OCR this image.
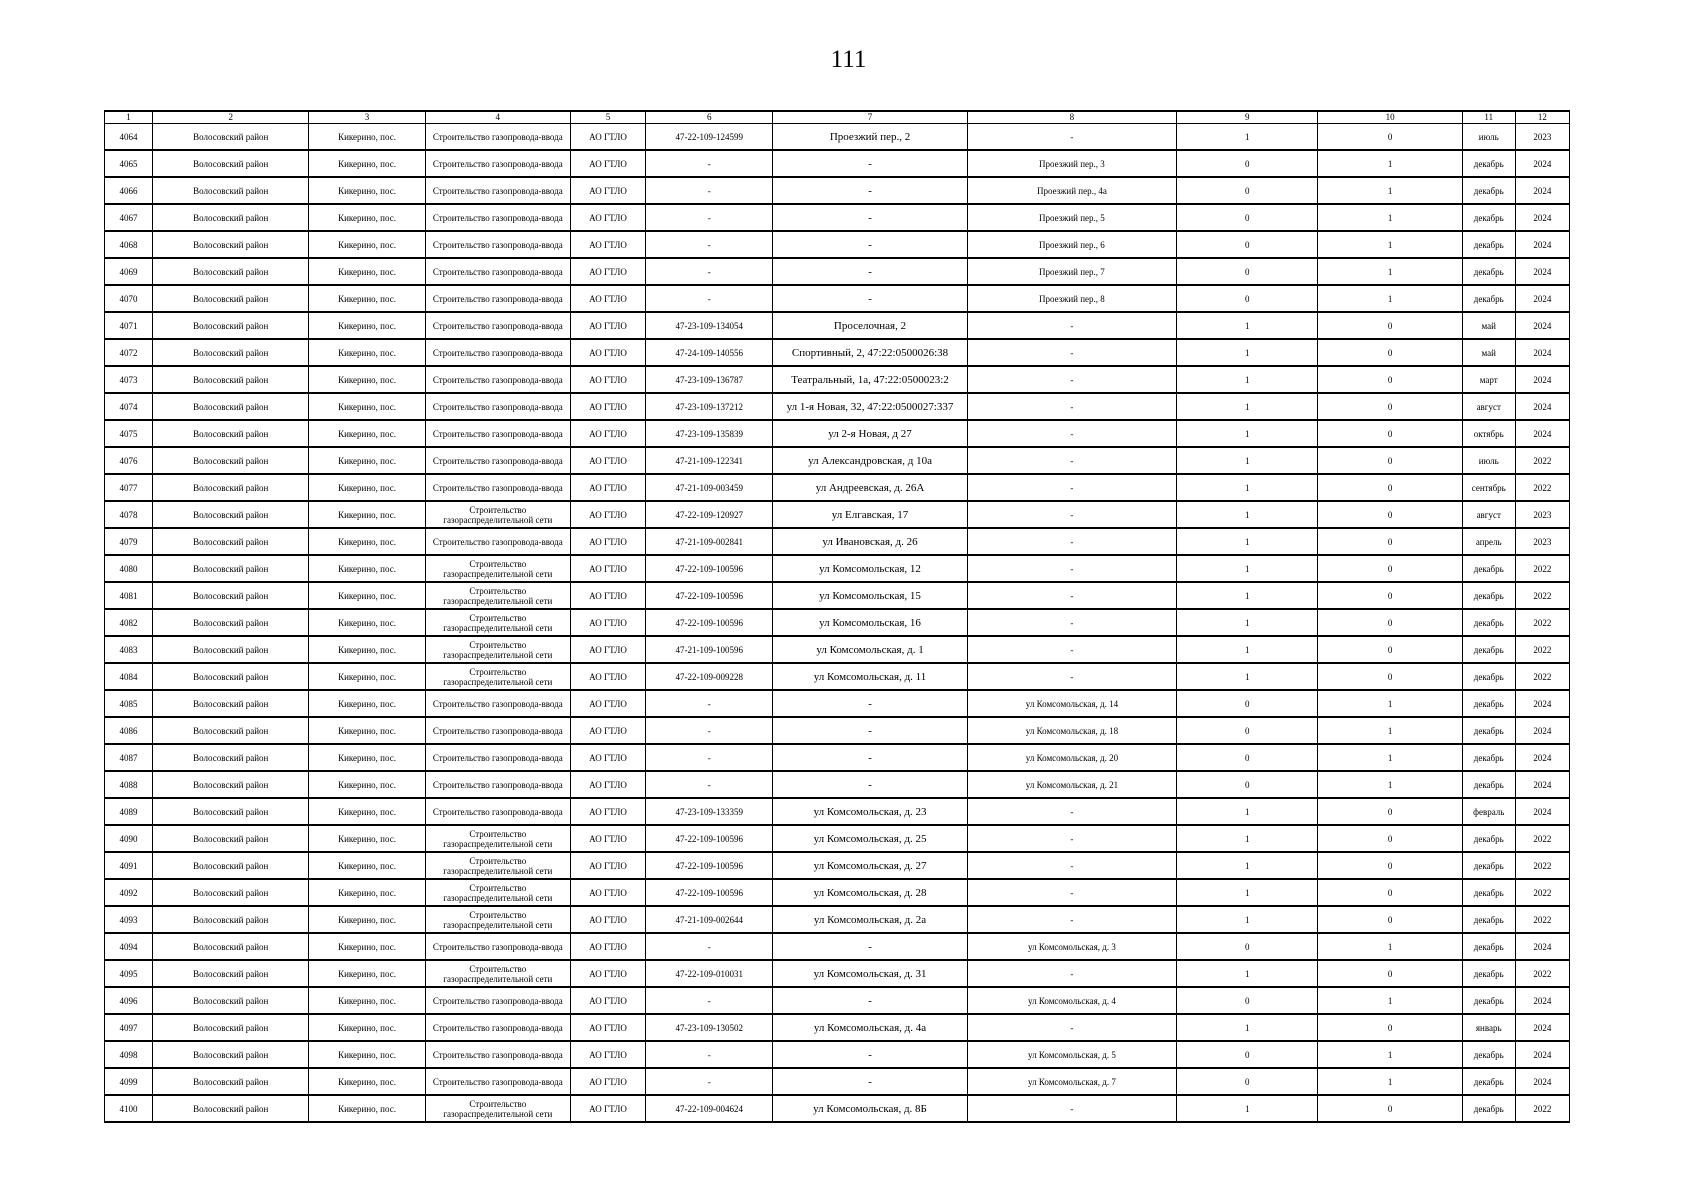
111
1	2	3	4	5	6	7	8	9	10	11	12
4064	Волосовский район	Кикерино, пос.	Строительство газопровода-ввода	АО ГТЛО	47-22-109-124599	Проезжий пер., 2	-	1	0	июль	2023
4065	Волосовский район	Кикерино, пос.	Строительство газопровода-ввода	АО ГТЛО	-	-	Проезжий пер., 3	0	1	декабрь	2024
4066	Волосовский район	Кикерино, пос.	Строительство газопровода-ввода	АО ГТЛО	-	-	Проезжий пер., 4а	0	1	декабрь	2024
4067	Волосовский район	Кикерино, пос.	Строительство газопровода-ввода	АО ГТЛО	-	-	Проезжий пер., 5	0	1	декабрь	2024
4068	Волосовский район	Кикерино, пос.	Строительство газопровода-ввода	АО ГТЛО	-	-	Проезжий пер., 6	0	1	декабрь	2024
4069	Волосовский район	Кикерино, пос.	Строительство газопровода-ввода	АО ГТЛО	-	-	Проезжий пер., 7	0	1	декабрь	2024
4070	Волосовский район	Кикерино, пос.	Строительство газопровода-ввода	АО ГТЛО	-	-	Проезжий пер., 8	0	1	декабрь	2024
4071	Волосовский район	Кикерино, пос.	Строительство газопровода-ввода	АО ГТЛО	47-23-109-134054	Проселочная, 2	-	1	0	май	2024
4072	Волосовский район	Кикерино, пос.	Строительство газопровода-ввода	АО ГТЛО	47-24-109-140556	Спортивный, 2, 47:22:0500026:38	-	1	0	май	2024
4073	Волосовский район	Кикерино, пос.	Строительство газопровода-ввода	АО ГТЛО	47-23-109-136787	Театральный, 1а, 47:22:0500023:2	-	1	0	март	2024
4074	Волосовский район	Кикерино, пос.	Строительство газопровода-ввода	АО ГТЛО	47-23-109-137212	ул 1-я Новая, 32, 47:22:0500027:337	-	1	0	август	2024
4075	Волосовский район	Кикерино, пос.	Строительство газопровода-ввода	АО ГТЛО	47-23-109-135839	ул 2-я Новая, д 27	-	1	0	октябрь	2024
4076	Волосовский район	Кикерино, пос.	Строительство газопровода-ввода	АО ГТЛО	47-21-109-122341	ул Александровская, д 10а	-	1	0	июль	2022
4077	Волосовский район	Кикерино, пос.	Строительство газопровода-ввода	АО ГТЛО	47-21-109-003459	ул Андреевская, д. 26А	-	1	0	сентябрь	2022
4078	Волосовский район	Кикерино, пос.	Строительство газораспределительной сети	АО ГТЛО	47-22-109-120927	ул Елгавская, 17	-	1	0	август	2023
4079	Волосовский район	Кикерино, пос.	Строительство газопровода-ввода	АО ГТЛО	47-21-109-002841	ул Ивановская, д. 26	-	1	0	апрель	2023
4080	Волосовский район	Кикерино, пос.	Строительство газораспределительной сети	АО ГТЛО	47-22-109-100596	ул Комсомольская, 12	-	1	0	декабрь	2022
4081	Волосовский район	Кикерино, пос.	Строительство газораспределительной сети	АО ГТЛО	47-22-109-100596	ул Комсомольская, 15	-	1	0	декабрь	2022
4082	Волосовский район	Кикерино, пос.	Строительство газораспределительной сети	АО ГТЛО	47-22-109-100596	ул Комсомольская, 16	-	1	0	декабрь	2022
4083	Волосовский район	Кикерино, пос.	Строительство газораспределительной сети	АО ГТЛО	47-21-109-100596	ул Комсомольская, д. 1	-	1	0	декабрь	2022
4084	Волосовский район	Кикерино, пос.	Строительство газораспределительной сети	АО ГТЛО	47-22-109-009228	ул Комсомольская, д. 11	-	1	0	декабрь	2022
4085	Волосовский район	Кикерино, пос.	Строительство газопровода-ввода	АО ГТЛО	-	-	ул Комсомольская, д. 14	0	1	декабрь	2024
4086	Волосовский район	Кикерино, пос.	Строительство газопровода-ввода	АО ГТЛО	-	-	ул Комсомольская, д. 18	0	1	декабрь	2024
4087	Волосовский район	Кикерино, пос.	Строительство газопровода-ввода	АО ГТЛО	-	-	ул Комсомольская, д. 20	0	1	декабрь	2024
4088	Волосовский район	Кикерино, пос.	Строительство газопровода-ввода	АО ГТЛО	-	-	ул Комсомольская, д. 21	0	1	декабрь	2024
4089	Волосовский район	Кикерино, пос.	Строительство газопровода-ввода	АО ГТЛО	47-23-109-133359	ул Комсомольская, д. 23	-	1	0	февраль	2024
4090	Волосовский район	Кикерино, пос.	Строительство газораспределительной сети	АО ГТЛО	47-22-109-100596	ул Комсомольская, д. 25	-	1	0	декабрь	2022
4091	Волосовский район	Кикерино, пос.	Строительство газораспределительной сети	АО ГТЛО	47-22-109-100596	ул Комсомольская, д. 27	-	1	0	декабрь	2022
4092	Волосовский район	Кикерино, пос.	Строительство газораспределительной сети	АО ГТЛО	47-22-109-100596	ул Комсомольская, д. 28	-	1	0	декабрь	2022
4093	Волосовский район	Кикерино, пос.	Строительство газораспределительной сети	АО ГТЛО	47-21-109-002644	ул Комсомольская, д. 2а	-	1	0	декабрь	2022
4094	Волосовский район	Кикерино, пос.	Строительство газопровода-ввода	АО ГТЛО	-	-	ул Комсомольская, д. 3	0	1	декабрь	2024
4095	Волосовский район	Кикерино, пос.	Строительство газораспределительной сети	АО ГТЛО	47-22-109-010031	ул Комсомольская, д. 31	-	1	0	декабрь	2022
4096	Волосовский район	Кикерино, пос.	Строительство газопровода-ввода	АО ГТЛО	-	-	ул Комсомольская, д. 4	0	1	декабрь	2024
4097	Волосовский район	Кикерино, пос.	Строительство газопровода-ввода	АО ГТЛО	47-23-109-130502	ул Комсомольская, д. 4а	-	1	0	январь	2024
4098	Волосовский район	Кикерино, пос.	Строительство газопровода-ввода	АО ГТЛО	-	-	ул Комсомольская, д. 5	0	1	декабрь	2024
4099	Волосовский район	Кикерино, пос.	Строительство газопровода-ввода	АО ГТЛО	-	-	ул Комсомольская, д. 7	0	1	декабрь	2024
4100	Волосовский район	Кикерино, пос.	Строительство газораспределительной сети	АО ГТЛО	47-22-109-004624	ул Комсомольская, д. 8Б	-	1	0	декабрь	2022
